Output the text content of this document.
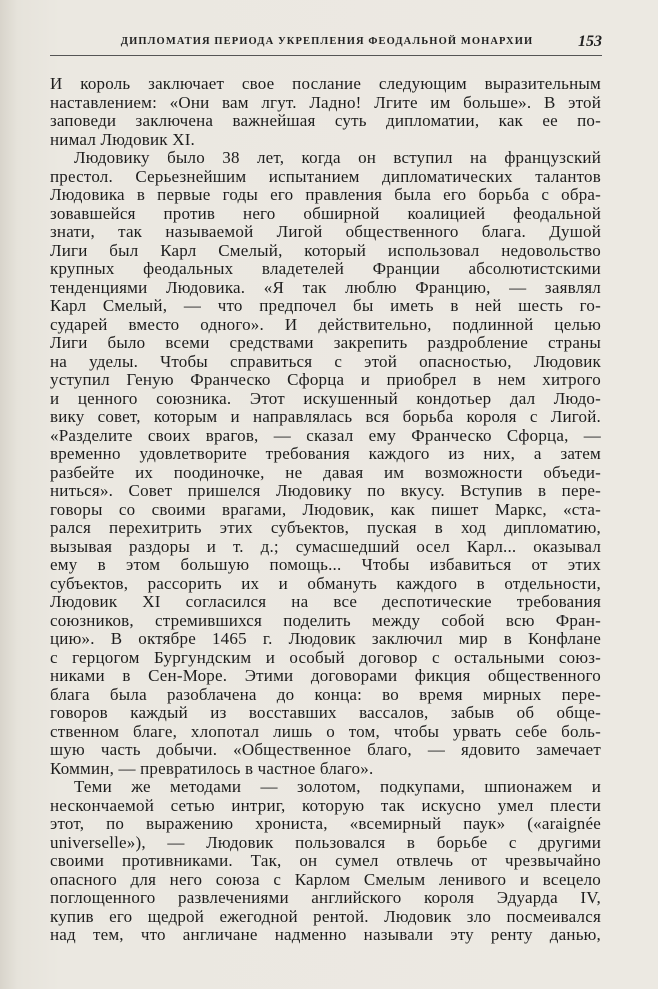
ДИПЛОМАТИЯ ПЕРИОДА УКРЕПЛЕНИЯ ФЕОДАЛЬНОЙ МОНАРХИИ	153
И король заключает свое послание следующим выразительным
наставлением: «Они вам лгут. Ладно! Лгите им больше». В этой
заповеди заключена важнейшая суть дипломатии, как ее по-
нимал Людовик XI.
Людовику было 38 лет, когда он вступил на французский
престол. Серьезнейшим испытанием дипломатических талантов
Людовика в первые годы его правления была его борьба с обра-
зовавшейся против него обширной коалицией феодальной
знати, так называемой Лигой общественного блага. Душой
Лиги был Карл Смелый, который использовал недовольство
крупных феодальных владетелей Франции абсолютистскими
тенденциями Людовика. «Я так люблю Францию, — заявлял
Карл Смелый, — что предпочел бы иметь в ней шесть го-
сударей вместо одного». И действительно, подлинной целью
Лиги было всеми средствами закрепить раздробление страны
на уделы. Чтобы справиться с этой опасностью, Людовик
уступил Геную Франческо Сфорца и приобрел в нем хитрого
и ценного союзника. Этот искушенный кондотьер дал Людо-
вику совет, которым и направлялась вся борьба короля с Лигой.
«Разделите своих врагов, — сказал ему Франческо Сфорца, —
временно удовлетворите требования каждого из них, а затем
разбейте их поодиночке, не давая им возможности объеди-
ниться». Совет пришелся Людовику по вкусу. Вступив в пере-
говоры со своими врагами, Людовик, как пишет Маркс, «ста-
рался перехитрить этих субъектов, пуская в ход дипломатию,
вызывая раздоры и т. д.; сумасшедший осел Карл... оказывал
ему в этом большую помощь... Чтобы избавиться от этих
субъектов, рассорить их и обмануть каждого в отдельности,
Людовик XI согласился на все деспотические требования
союзников, стремившихся поделить между собой всю Фран-
цию». В октябре 1465 г. Людовик заключил мир в Конфлане
с герцогом Бургундским и особый договор с остальными союз-
никами в Сен-Море. Этими договорами фикция общественного
блага была разоблачена до конца: во время мирных пере-
говоров каждый из восставших вассалов, забыв об обще-
ственном благе, хлопотал лишь о том, чтобы урвать себе боль-
шую часть добычи. «Общественное благо, — ядовито замечает
Коммин, — превратилось в частное благо».
Теми же методами — золотом, подкупами, шпионажем и
нескончаемой сетью интриг, которую так искусно умел плести
этот, по выражению хрониста, «всемирный паук» («araignée
universelle»), — Людовик пользовался в борьбе с другими
своими противниками. Так, он сумел отвлечь от чрезвычайно
опасного для него союза с Карлом Смелым ленивого и всецело
поглощенного развлечениями английского короля Эдуарда IV,
купив его щедрой ежегодной рентой. Людовик зло посмеивался
над тем, что англичане надменно называли эту ренту данью,
